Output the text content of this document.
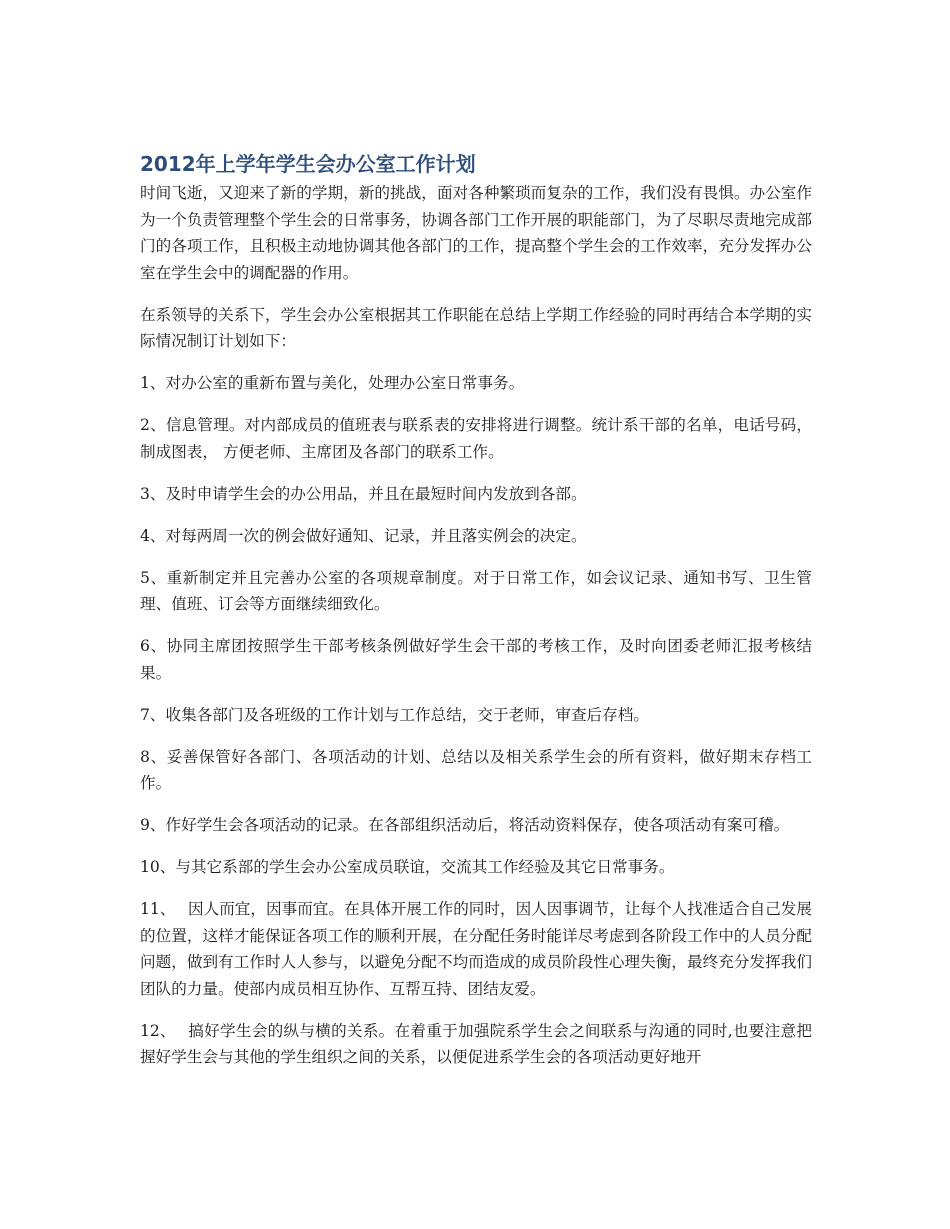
2012年上学年学生会办公室工作计划

时间飞逝，又迎来了新的学期，新的挑战，面对各种繁琐而复杂的工作，我们没有畏惧。办公室作为一个负责管理整个学生会的日常事务，协调各部门工作开展的职能部门，为了尽职尽责地完成部门的各项工作，且积极主动地协调其他各部门的工作，提高整个学生会的工作效率，充分发挥办公室在学生会中的调配器的作用。

在系领导的关系下，学生会办公室根据其工作职能在总结上学期工作经验的同时再结合本学期的实际情况制订计划如下：

1、对办公室的重新布置与美化，处理办公室日常事务。

2、信息管理。对内部成员的值班表与联系表的安排将进行调整。统计系干部的名单，电话号码，制成图表， 方便老师、主席团及各部门的联系工作。

3、及时申请学生会的办公用品，并且在最短时间内发放到各部。

4、对每两周一次的例会做好通知、记录，并且落实例会的决定。

5、重新制定并且完善办公室的各项规章制度。对于日常工作，如会议记录、通知书写、卫生管理、值班、订会等方面继续细致化。

6、协同主席团按照学生干部考核条例做好学生会干部的考核工作，及时向团委老师汇报考核结果。

7、收集各部门及各班级的工作计划与工作总结，交于老师，审查后存档。

8、妥善保管好各部门、各项活动的计划、总结以及相关系学生会的所有资料，做好期末存档工作。

9、作好学生会各项活动的记录。在各部组织活动后，将活动资料保存，使各项活动有案可稽。

10、与其它系部的学生会办公室成员联谊，交流其工作经验及其它日常事务。

11、 因人而宜，因事而宜。在具体开展工作的同时，因人因事调节，让每个人找准适合自己发展的位置，这样才能保证各项工作的顺利开展，在分配任务时能详尽考虑到各阶段工作中的人员分配问题，做到有工作时人人参与，以避免分配不均而造成的成员阶段性心理失衡，最终充分发挥我们团队的力量。使部内成员相互协作、互帮互持、团结友爱。

12、 搞好学生会的纵与横的关系。在着重于加强院系学生会之间联系与沟通的同时,也要注意把握好学生会与其他的学生组织之间的关系，以便促进系学生会的各项活动更好地开
